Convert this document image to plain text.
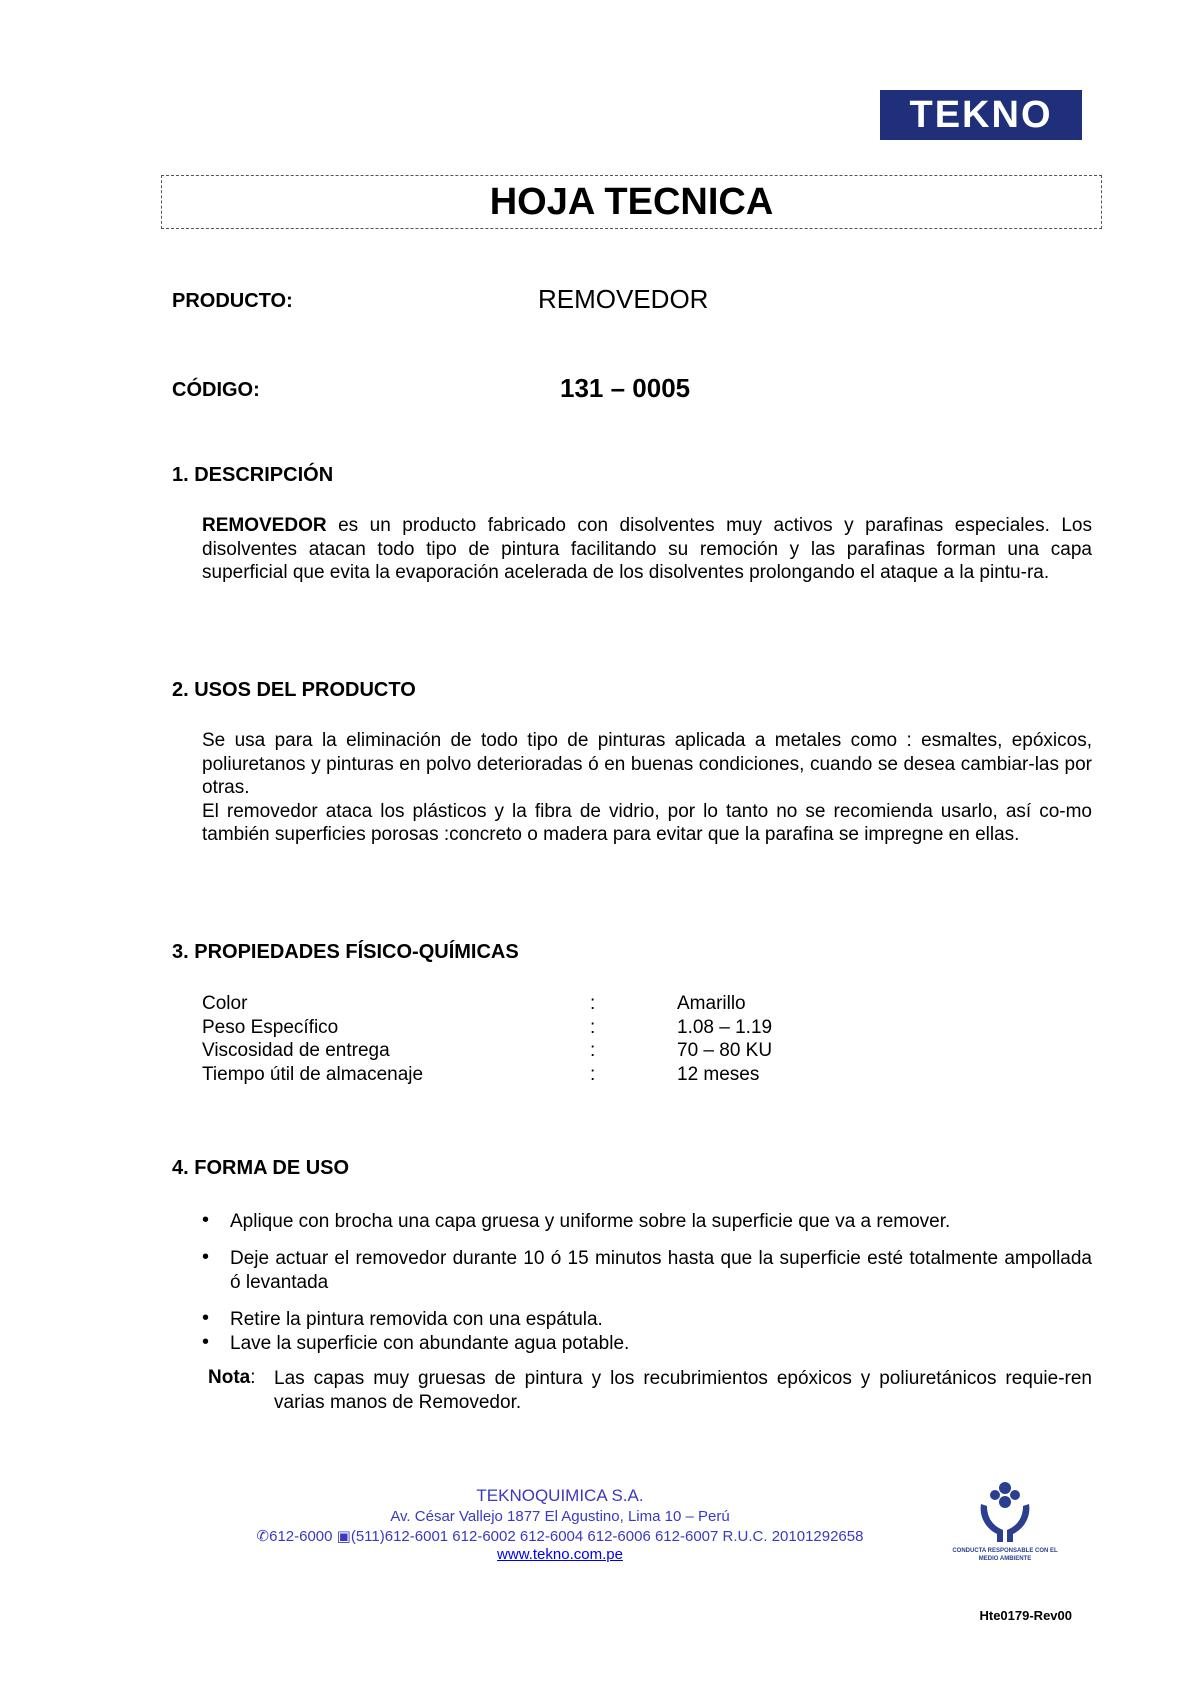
TEKNO
HOJA TECNICA
PRODUCTO:	REMOVEDOR
CÓDIGO:	131 – 0005
1. DESCRIPCIÓN

REMOVEDOR es un producto fabricado con disolventes muy activos y parafinas especiales. Los disolventes atacan todo tipo de pintura facilitando su remoción y las parafinas forman una capa superficial que evita la evaporación acelerada de los disolventes prolongando el ataque a la pintu-ra.

2. USOS DEL PRODUCTO

Se usa para la eliminación de todo tipo de pinturas aplicada a metales como : esmaltes, epóxicos, poliuretanos y pinturas en polvo deterioradas ó en buenas condiciones, cuando se desea cambiar-las por otras.

El removedor ataca los plásticos y la fibra de vidrio, por lo tanto no se recomienda usarlo, así co-mo también superficies porosas :concreto o madera para evitar que la parafina se impregne en ellas.

3. PROPIEDADES FÍSICO-QUÍMICAS
Color	:	Amarillo
Peso Específico	:	1.08 – 1.19
Viscosidad de entrega	:	70 – 80 KU
Tiempo útil de almacenaje	:	12 meses
4. FORMA DE USO
• Aplique con brocha una capa gruesa y uniforme sobre la superficie que va a remover.
• Deje actuar el removedor durante 10 ó 15 minutos hasta que la superficie esté totalmente ampollada ó levantada
• Retire la pintura removida con una espátula.
• Lave la superficie con abundante agua potable.
Nota: Las capas muy gruesas de pintura y los recubrimientos epóxicos y poliuretánicos requie-ren varias manos de Removedor.
TEKNOQUIMICA S.A.
Av. César Vallejo 1877 El Agustino, Lima 10 – Perú
✆612-6000 ▣(511)612-6001 612-6002 612-6004 612-6006 612-6007 R.U.C. 20101292658
www.tekno.com.pe	CONDUCTA RESPONSABLE CON EL MEDIO AMBIENTE
Hte0179-Rev00
